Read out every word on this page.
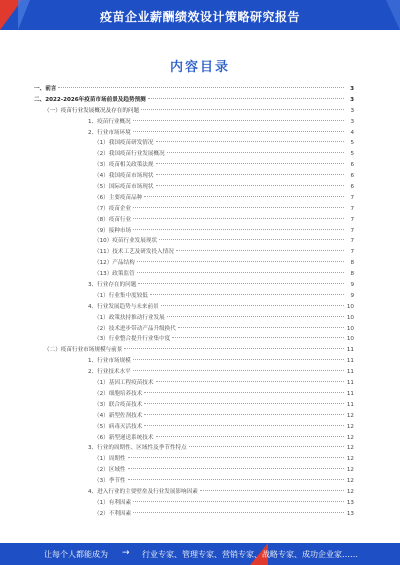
疫苗企业薪酬绩效设计策略研究报告
内容目录
一、前言	3
二、2022-2026年疫苗市场前景及趋势预测	3
（一）疫苗行业发展概况及存在的问题	3
1、疫苗行业概况	3
2、行业市场环境	4
（1）我国疫苗研发情况	5
（2）我国疫苗行业发展概况	5
（3）疫苗相关政策法规	6
（4）我国疫苗市场现状	6
（5）国际疫苗市场现状	6
（6）主要疫苗品种	7
（7）疫苗企业	7
（8）疫苗行业	7
（9）接种市场	7
（10）疫苗行业发展现状	7
（11）技术工艺及研发投入情况	7
（12）产品结构	8
（13）政策监管	8
3、行业存在的问题	9
（1）行业集中度较低	9
4、行业发展趋势与未来前景	10
（1）政策扶持推动行业发展	10
（2）技术进步带动产品升级换代	10
（3）行业整合提升行业集中度	10
（二）疫苗行业市场规模与前景	11
1、行业市场规模	11
2、行业技术水平	11
（1）基因工程疫苗技术	11
（2）细胞培养技术	11
（3）联合疫苗技术	11
（4）新型佐剂技术	12
（5）病毒灭活技术	12
（6）新型递送系统技术	12
3、行业的周期性、区域性及季节性特点	12
（1）周期性	12
（2）区域性	12
（3）季节性	12
4、进入行业的主要壁垒及行业发展影响因素	12
（1）有利因素	13
（2）不利因素	13
让每个人都能成为 → 行业专家、管理专家、营销专家、战略专家、成功企业家……
